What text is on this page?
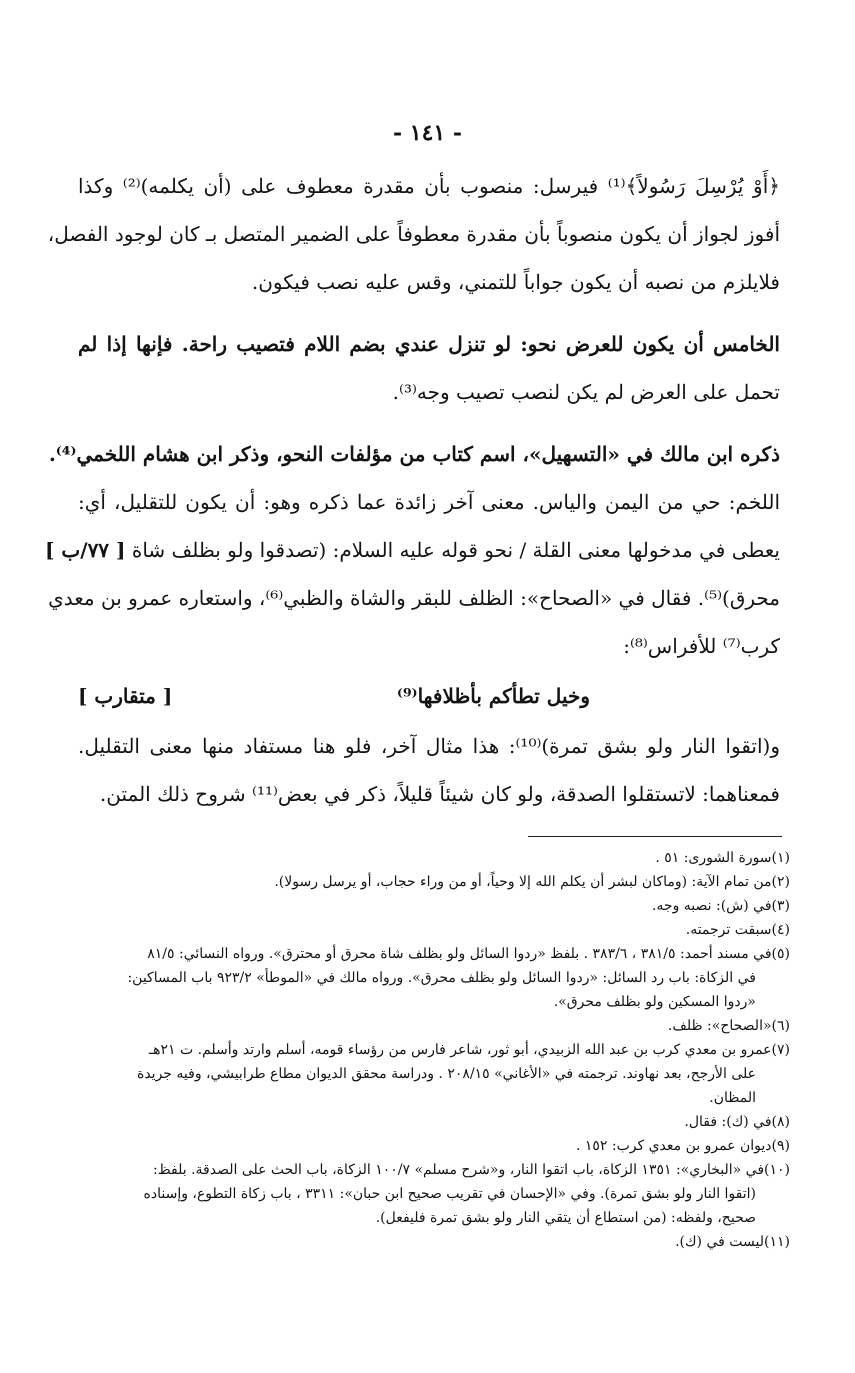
- ١٤١ -
﴿أَوْ يُرْسِلَ رَسُولاً﴾⁽¹⁾ فيرسل: منصوب بأن مقدرة معطوف على (أن يكلمه)⁽²⁾ وكذا
أفوز لجواز أن يكون منصوباً بأن مقدرة معطوفاً على الضمير المتصل بـ كان لوجود الفصل،
فلايلزم من نصبه أن يكون جواباً للتمني، وقس عليه نصب فيكون.
الخامس أن يكون للعرض نحو: لو تنزل عندي بضم اللام فتصيب راحة. فإنها إذا لم
تحمل على العرض لم يكن لنصب تصيب وجه⁽³⁾.
ذكره ابن مالك في «التسهيل»، اسم كتاب من مؤلفات النحو، وذكر ابن هشام اللخمي⁽⁴⁾.
اللخم: حي من اليمن والياس. معنى آخر زائدة عما ذكره وهو: أن يكون للتقليل، أي:
يعطى في مدخولها معنى القلة / نحو قوله عليه السلام: (تصدقوا ولو بظلف شاة [ ٧٧/ب ]
محرق)⁽⁵⁾. فقال في «الصحاح»: الظلف للبقر والشاة والظبي⁽⁶⁾، واستعاره عمرو بن معدي
كرب⁽⁷⁾ للأفراس⁽⁸⁾:
وخيل تطأكم بأظلافها⁽⁹⁾
[ متقارب ]
و(اتقوا النار ولو بشق تمرة)⁽¹⁰⁾: هذا مثال آخر، فلو هنا مستفاد منها معنى التقليل.
فمعناهما: لاتستقلوا الصدقة، ولو كان شيئاً قليلاً، ذكر في بعض⁽¹¹⁾ شروح ذلك المتن.
(١)سورة الشورى: ٥١ .
(٢)من تمام الآية: (وماكان لبشر أن يكلم الله إلا وحياً، أو من وراء حجاب، أو يرسل رسولا).
(٣)في (ش): نصبه وجه.
(٤)سبقت ترجمته.
(٥)في مسند أحمد: ٣٨١/٥ ، ٣٨٣/٦ . بلفظ «ردوا السائل ولو بظلف شاة محرق أو محترق». ورواه النسائي: ٨١/٥
في الزكاة: باب رد السائل: «ردوا السائل ولو بظلف محرق». ورواه مالك في «الموطأ» ٩٢٣/٢ باب المساكين:
«ردوا المسكين ولو بظلف محرق».
(٦)«الصحاح»: ظلف.
(٧)عمرو بن معدي كرب بن عبد الله الزبيدي، أبو ثور، شاعر فارس من رؤساء قومه، أسلم وارتد وأسلم. ت ٢١هـ
على الأرجح، بعد نهاوند. ترجمته في «الأغاني» ٢٠٨/١٥ . ودراسة محقق الديوان مطاع طرابيشي، وفيه جريدة
المظان.
(٨)في (ك): فقال.
(٩)ديوان عمرو بن معدي كرب: ١٥٢ .
(١٠)في «البخاري»: ١٣٥١ الزكاة، باب اتقوا النار، و«شرح مسلم» ١٠٠/٧ الزكاة، باب الحث على الصدقة. بلفظ:
(اتقوا النار ولو بشق تمرة). وفي «الإحسان في تقريب صحيح ابن حبان»: ٣٣١١ ، باب زكاة التطوع، وإسناده
صحيح، ولفظه: (من استطاع أن يتقي النار ولو بشق تمرة فليفعل).
(١١)ليست في (ك).
